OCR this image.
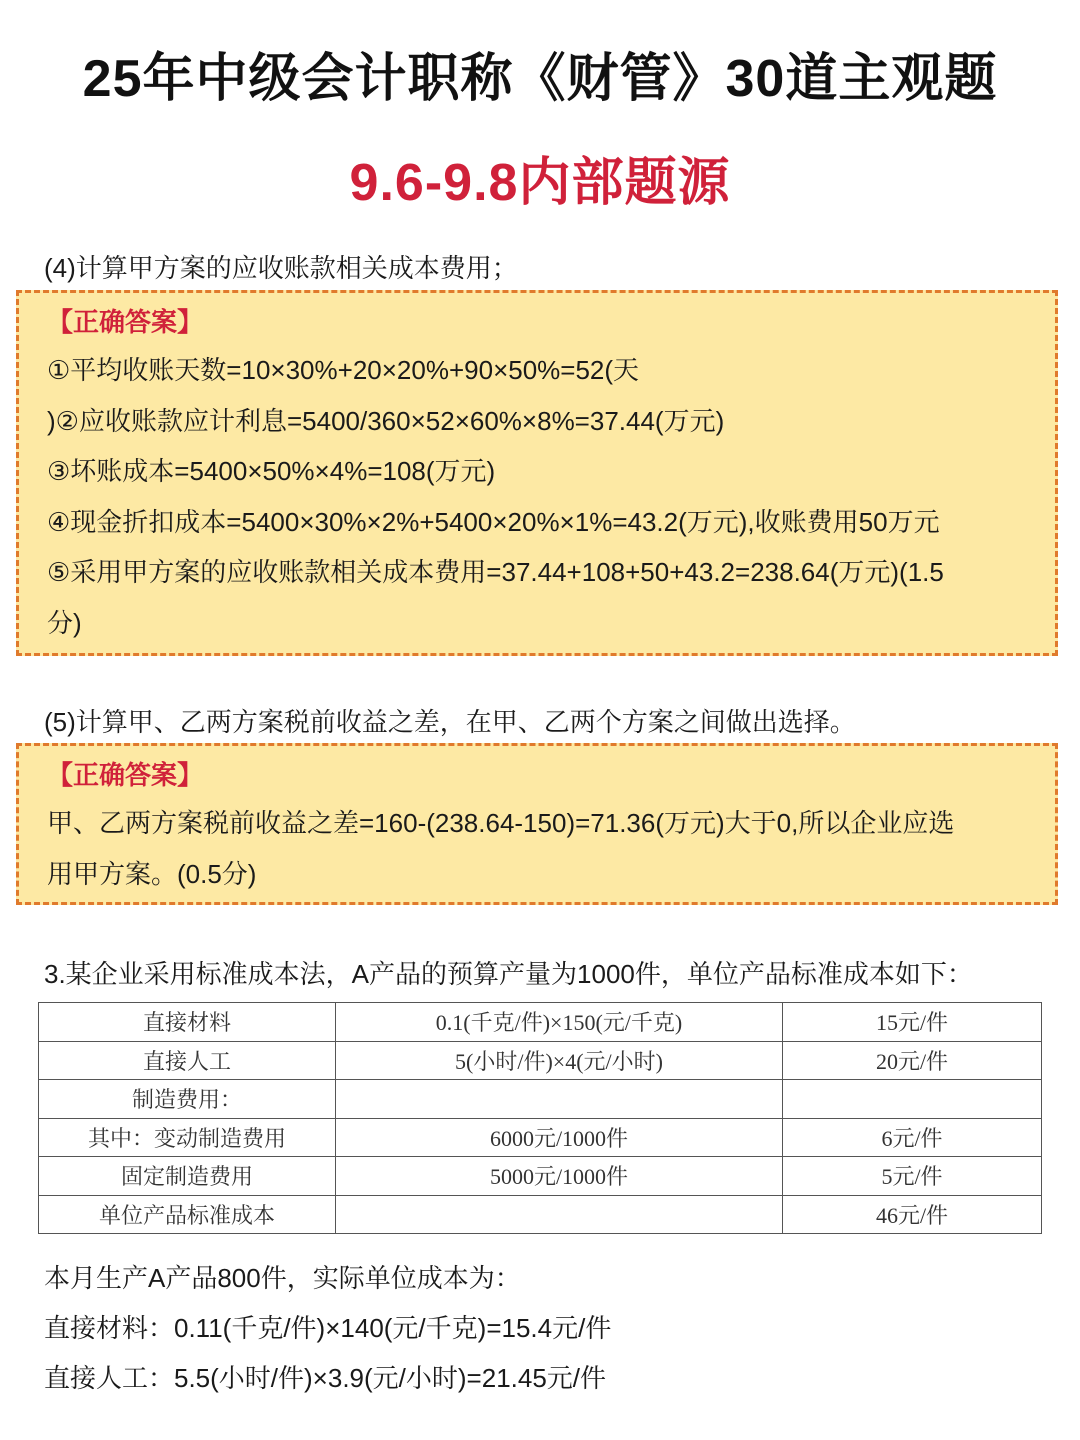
25年中级会计职称《财管》30道主观题
9.6-9.8内部题源
(4)计算甲方案的应收账款相关成本费用；
【正确答案】
①平均收账天数=10×30%+20×20%+90×50%=52(天
)②应收账款应计利息=5400/360×52×60%×8%=37.44(万元)
③坏账成本=5400×50%×4%=108(万元)
④现金折扣成本=5400×30%×2%+5400×20%×1%=43.2(万元),收账费用50万元
⑤采用甲方案的应收账款相关成本费用=37.44+108+50+43.2=238.64(万元)(1.5
分)
(5)计算甲、乙两方案税前收益之差，在甲、乙两个方案之间做出选择。
【正确答案】
甲、乙两方案税前收益之差=160-(238.64-150)=71.36(万元)大于0,所以企业应选
用甲方案。(0.5分)
3.某企业采用标准成本法，A产品的预算产量为1000件，单位产品标准成本如下：
直接材料	0.1(千克/件)×150(元/千克)	15元/件
直接人工	5(小时/件)×4(元/小时)	20元/件
制造费用：		
其中：变动制造费用	6000元/1000件	6元/件
固定制造费用	5000元/1000件	5元/件
单位产品标准成本		46元/件
本月生产A产品800件，实际单位成本为：
直接材料：0.11(千克/件)×140(元/千克)=15.4元/件
直接人工：5.5(小时/件)×3.9(元/小时)=21.45元/件
